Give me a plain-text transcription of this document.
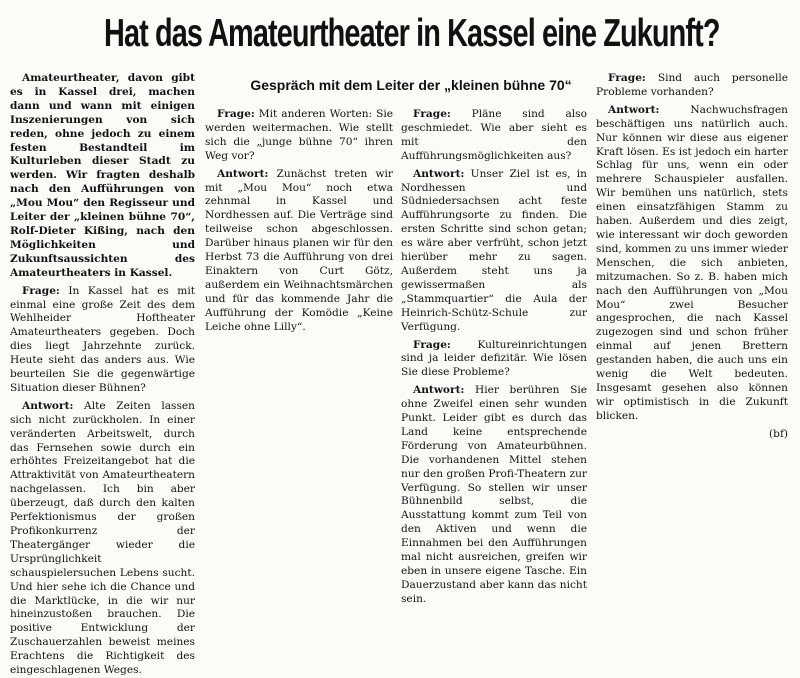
Hat das Amateurtheater in Kassel eine Zukunft?
Gespräch mit dem Leiter der „kleinen bühne 70“

Amateurtheater, davon gibt es in Kassel drei, machen dann und wann mit einigen Inszenierungen von sich reden, ohne jedoch zu einem festen Bestandteil im Kulturleben dieser Stadt zu werden. Wir fragten deshalb nach den Aufführungen von „Mou Mou“ den Regisseur und Leiter der „kleinen bühne 70“, Rolf-Dieter Kißing, nach den Möglichkeiten und Zukunftsaussichten des Amateurtheaters in Kassel.

Frage: In Kassel hat es mit einmal eine große Zeit des dem Wehlheider Hoftheater Amateurtheaters gegeben. Doch dies liegt Jahrzehnte zurück. Heute sieht das anders aus. Wie beurteilen Sie die gegenwärtige Situation dieser Bühnen?

Antwort: Alte Zeiten lassen sich nicht zurückholen. In einer veränderten Arbeitswelt, durch das Fernsehen sowie durch ein erhöhtes Freizeitangebot hat die Attraktivität von Amateurtheatern nachgelassen. Ich bin aber überzeugt, daß durch den kalten Perfektionismus der großen Profikonkurrenz der Theatergänger wieder die Ursprünglichkeit schauspielersuchen Lebens sucht. Und hier sehe ich die Chance und die Marktlücke, in die wir nur hineinzustoßen brauchen. Die positive Entwicklung der Zuschauerzahlen beweist meines Erachtens die Richtigkeit des eingeschlagenen Weges.

Frage: Mit anderen Worten: Sie werden weitermachen. Wie stellt sich die „junge bühne 70“ ihren Weg vor?

Antwort: Zunächst treten wir mit „Mou Mou“ noch etwa zehnmal in Kassel und Nordhessen auf. Die Verträge sind teilweise schon abgeschlossen. Darüber hinaus planen wir für den Herbst 73 die Aufführung von drei Einaktern von Curt Götz, außerdem ein Weihnachtsmärchen und für das kommende Jahr die Aufführung der Komödie „Keine Leiche ohne Lilly“.

Frage: Pläne sind also geschmiedet. Wie aber sieht es mit den Aufführungsmöglichkeiten aus?

Antwort: Unser Ziel ist es, in Nordhessen und Südniedersachsen acht feste Aufführungsorte zu finden. Die ersten Schritte sind schon getan; es wäre aber verfrüht, schon jetzt hierüber mehr zu sagen. Außerdem steht uns ja gewissermaßen als „Stammquartier“ die Aula der Heinrich-Schütz-Schule zur Verfügung.

Frage: Kultureinrichtungen sind ja leider defizitär. Wie lösen Sie diese Probleme?

Antwort: Hier berühren Sie ohne Zweifel einen sehr wunden Punkt. Leider gibt es durch das Land keine entsprechende Förderung von Amateurbühnen. Die vorhandenen Mittel stehen nur den großen Profi-Theatern zur Verfügung. So stellen wir unser Bühnenbild selbst, die Ausstattung kommt zum Teil von den Aktiven und wenn die Einnahmen bei den Aufführungen mal nicht ausreichen, greifen wir eben in unsere eigene Tasche. Ein Dauerzustand aber kann das nicht sein.

Frage: Sind auch personelle Probleme vorhanden?

Antwort: Nachwuchsfragen beschäftigen uns natürlich auch. Nur können wir diese aus eigener Kraft lösen. Es ist jedoch ein harter Schlag für uns, wenn ein oder mehrere Schauspieler ausfallen. Wir bemühen uns natürlich, stets einen einsatzfähigen Stamm zu haben. Außerdem und dies zeigt, wie interessant wir doch geworden sind, kommen zu uns immer wieder Menschen, die sich anbieten, mitzumachen. So z. B. haben mich nach den Aufführungen von „Mou Mou“ zwei Besucher angesprochen, die nach Kassel zugezogen sind und schon früher einmal auf jenen Brettern gestanden haben, die auch uns ein wenig die Welt bedeuten. Insgesamt gesehen also können wir optimistisch in die Zukunft blicken.

(bf)
